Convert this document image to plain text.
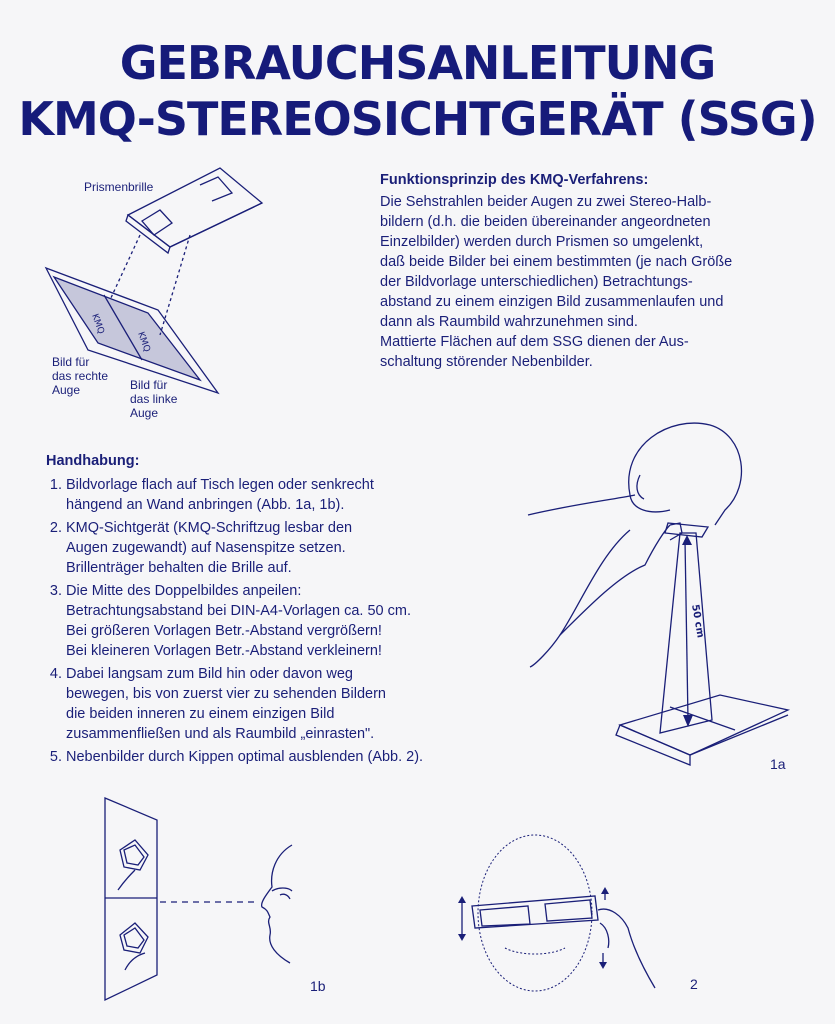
GEBRAUCHSANLEITUNG
KMQ-STEREOSICHTGERÄT (SSG)
KMQ
KMQ
Prismenbrille
Bild für
das rechte
Auge	Bild für
das linke
Auge
Funktionsprinzip des KMQ-Verfahrens:

Die Sehstrahlen beider Augen zu zwei Stereo-Halb-
bildern (d.h. die beiden übereinander angeordneten
Einzelbilder) werden durch Prismen so umgelenkt,
daß beide Bilder bei einem bestimmten (je nach Größe
der Bildvorlage unterschiedlichen) Betrachtungs-
abstand zu einem einzigen Bild zusammenlaufen und
dann als Raumbild wahrzunehmen sind.
Mattierte Flächen auf dem SSG dienen der Aus-
schaltung störender Nebenbilder.

Handhabung:
1. Bildvorlage flach auf Tisch legen oder senkrecht
hängend an Wand anbringen (Abb. 1a, 1b).
2. KMQ-Sichtgerät (KMQ-Schriftzug lesbar den
Augen zugewandt) auf Nasenspitze setzen.
Brillenträger behalten die Brille auf.
3. Die Mitte des Doppelbildes anpeilen:
Betrachtungsabstand bei DIN-A4-Vorlagen ca. 50 cm.
Bei größeren Vorlagen Betr.-Abstand vergrößern!
Bei kleineren Vorlagen Betr.-Abstand verkleinern!
4. Dabei langsam zum Bild hin oder davon weg
bewegen, bis von zuerst vier zu sehenden Bildern
die beiden inneren zu einem einzigen Bild
zusammenfließen und als Raumbild „einrasten".
5. Nebenbilder durch Kippen optimal ausblenden (Abb. 2).
50 cm
1a
1b	2
